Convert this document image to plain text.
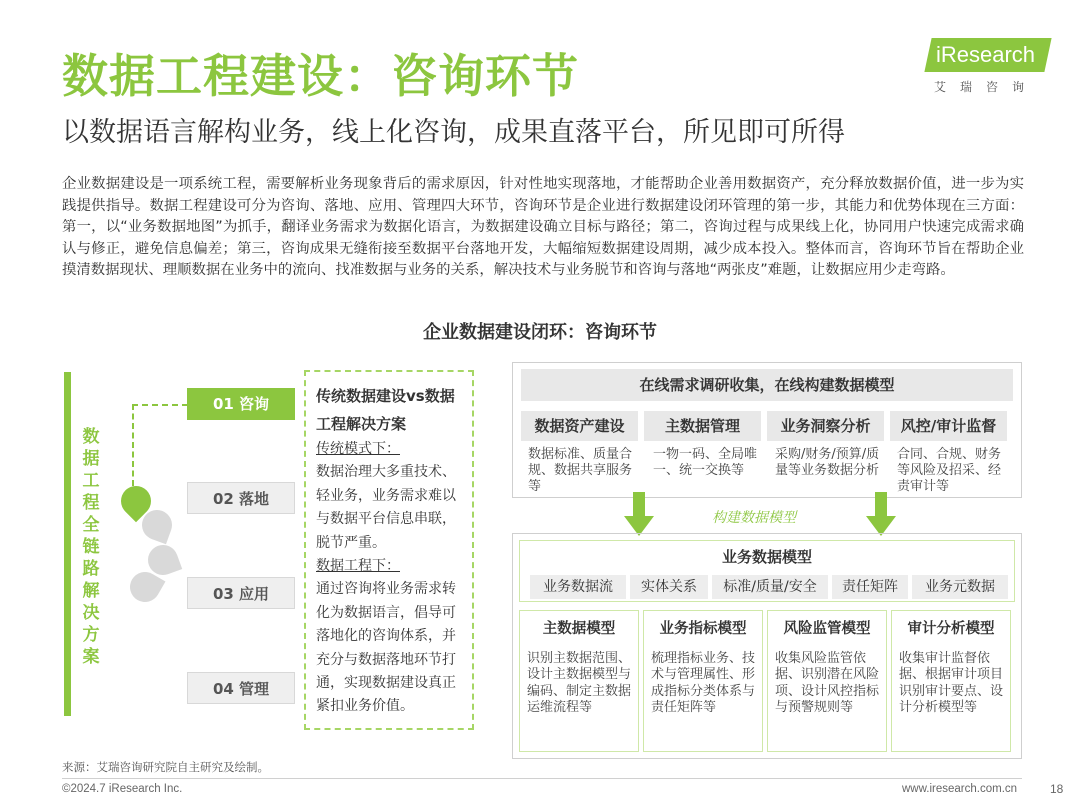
数据工程建设：咨询环节
以数据语言解构业务，线上化咨询，成果直落平台，所见即可所得
iResearch
艾瑞咨询
企业数据建设是一项系统工程，需要解析业务现象背后的需求原因，针对性地实现落地，才能帮助企业善用数据资产，充分释放数据价值，进一步为实践提供指导。数据工程建设可分为咨询、落地、应用、管理四大环节，咨询环节是企业进行数据建设闭环管理的第一步，其能力和优势体现在三方面：第一，以“业务数据地图”为抓手，翻译业务需求为数据化语言，为数据建设确立目标与路径；第二，咨询过程与成果线上化，协同用户快速完成需求确认与修正，避免信息偏差；第三，咨询成果无缝衔接至数据平台落地开发，大幅缩短数据建设周期，减少成本投入。整体而言，咨询环节旨在帮助企业摸清数据现状、理顺数据在业务中的流向、找准数据与业务的关系，解决技术与业务脱节和咨询与落地“两张皮”难题，让数据应用少走弯路。
企业数据建设闭环：咨询环节
数据工程全链路解决方案
01 咨询
02 落地
03 应用
04 管理
传统数据建设vs数据工程解决方案
传统模式下：
数据治理大多重技术、轻业务，业务需求难以与数据平台信息串联，脱节严重。
数据工程下：
通过咨询将业务需求转化为数据语言，倡导可落地化的咨询体系，并充分与数据落地环节打通，实现数据建设真正紧扣业务价值。
在线需求调研收集，在线构建数据模型
数据资产建设	主数据管理	业务洞察分析	风控/审计监督
数据标准、质量合规、数据共享服务等
一物一码、全局唯一、统一交换等
采购/财务/预算/质量等业务数据分析
合同、合规、财务等风险及招采、经责审计等
构建数据模型
业务数据模型
业务数据流	实体关系	标准/质量/安全	责任矩阵	业务元数据
主数据模型
识别主数据范围、设计主数据模型与编码、制定主数据运维流程等
业务指标模型
梳理指标业务、技术与管理属性、形成指标分类体系与责任矩阵等
风险监管模型
收集风险监管依据、识别潜在风险项、设计风控指标与预警规则等
审计分析模型
收集审计监督依据、根据审计项目识别审计要点、设计分析模型等
来源：艾瑞咨询研究院自主研究及绘制。
©2024.7 iResearch Inc.	www.iresearch.com.cn	18
